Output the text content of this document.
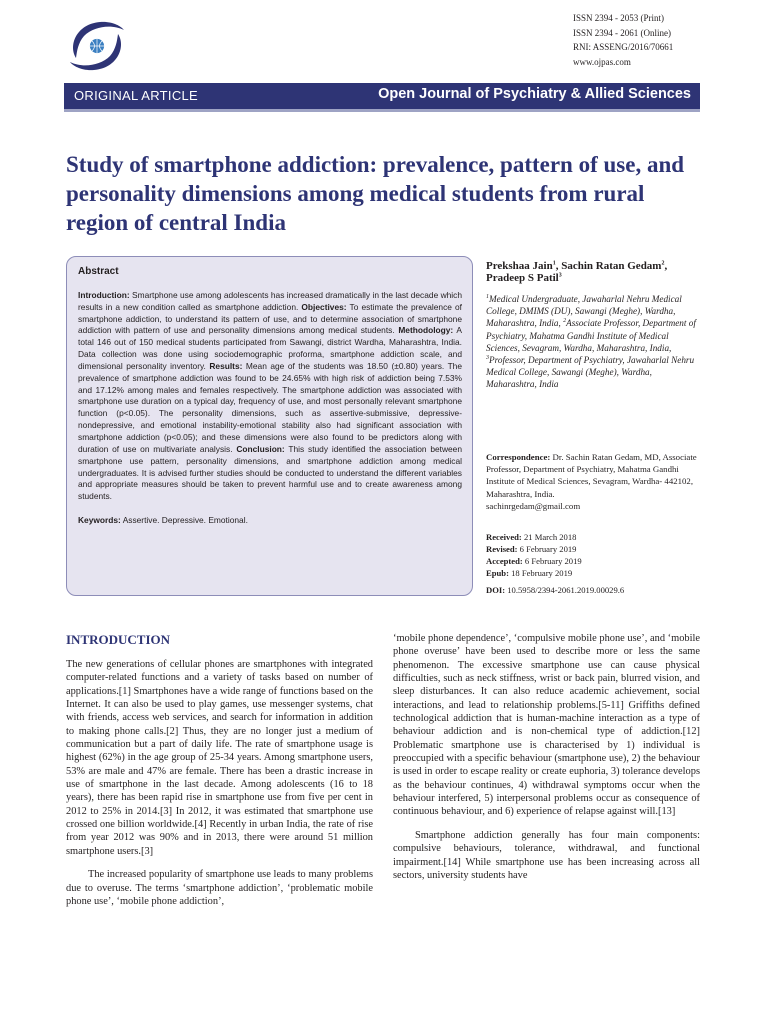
ISSN 2394 - 2053 (Print)
ISSN 2394 - 2061 (Online)
RNI: ASSENG/2016/70661
www.ojpas.com
ORIGINAL ARTICLE	Open Journal of Psychiatry & Allied Sciences
Study of smartphone addiction: prevalence, pattern of use, and personality dimensions among medical students from rural region of central India
Abstract
Introduction: Smartphone use among adolescents has increased dramatically in the last decade which results in a new condition called as smartphone addiction. Objectives: To estimate the prevalence of smartphone addiction, to understand its pattern of use, and to determine association of smartphone addiction with pattern of use and personality dimensions among medical students. Methodology: A total 146 out of 150 medical students participated from Sawangi, district Wardha, Maharashtra, India. Data collection was done using sociodemographic proforma, smartphone addiction scale, and dimensional personality inventory. Results: Mean age of the students was 18.50 (±0.80) years. The prevalence of smartphone addiction was found to be 24.65% with high risk of addiction being 7.53% and 17.12% among males and females respectively. The smartphone addiction was associated with smartphone use duration on a typical day, frequency of use, and most personally relevant smartphone function (p<0.05). The personality dimensions, such as assertive-submissive, depressive-nondepressive, and emotional instability-emotional stability also had significant association with smartphone addiction (p<0.05); and these dimensions were also found to be predictors along with duration of use on multivariate analysis. Conclusion: This study identified the association between smartphone use pattern, personality dimensions, and smartphone addiction among medical undergraduates. It is advised further studies should be conducted to understand the different variables and appropriate measures should be taken to prevent harmful use and to create awareness among students.
Keywords: Assertive. Depressive. Emotional.
Prekshaa Jain$^1$, Sachin Ratan Gedam$^2$,
Pradeep S Patil$^3$
$^1$Medical Undergraduate, Jawaharlal Nehru Medical College, DMIMS (DU), Sawangi (Meghe), Wardha, Maharashtra, India, $^2$Associate Professor, Department of Psychiatry, Mahatma Gandhi Institute of Medical Sciences, Sevagram, Wardha, Maharashtra, India, $^3$Professor, Department of Psychiatry, Jawaharlal Nehru Medical College, Sawangi (Meghe), Wardha, Maharashtra, India
Correspondence: Dr. Sachin Ratan Gedam, MD, Associate Professor, Department of Psychiatry, Mahatma Gandhi Institute of Medical Sciences, Sevagram, Wardha- 442102, Maharashtra, India.
sachinrgedam@gmail.com
Received: 21 March 2018
Revised: 6 February 2019
Accepted: 6 February 2019
Epub: 18 February 2019
DOI: 10.5958/2394-2061.2019.00029.6
INTRODUCTION

The new generations of cellular phones are smartphones with integrated computer-related functions and a variety of tasks based on number of applications.[1] Smartphones have a wide range of functions based on the Internet. It can also be used to play games, use messenger systems, chat with friends, access web services, and search for information in addition to making phone calls.[2] Thus, they are no longer just a medium of communication but a part of daily life. The rate of smartphone usage is highest (62%) in the age group of 25-34 years. Among smartphone users, 53% are male and 47% are female. There has been a drastic increase in use of smartphone in the last decade. Among adolescents (16 to 18 years), there has been rapid rise in smartphone use from five per cent in 2012 to 25% in 2014.[3] In 2012, it was estimated that smartphone use crossed one billion worldwide.[4] Recently in urban India, the rate of rise from year 2012 was 90% and in 2013, there were around 51 million smartphone users.[3]

The increased popularity of smartphone use leads to many problems due to overuse. The terms ‘smartphone addiction’, ‘problematic mobile phone use’, ‘mobile phone addiction’,

‘mobile phone dependence’, ‘compulsive mobile phone use’, and ‘mobile phone overuse’ have been used to describe more or less the same phenomenon. The excessive smartphone use can cause physical difficulties, such as neck stiffness, wrist or back pain, blurred vision, and sleep disturbances. It can also reduce academic achievement, social interactions, and lead to relationship problems.[5-11] Griffiths defined technological addiction that is human-machine interaction as a type of behaviour addiction and is non-chemical type of addiction.[12] Problematic smartphone use is characterised by 1) individual is preoccupied with a specific behaviour (smartphone use), 2) the behaviour is used in order to escape reality or create euphoria, 3) tolerance develops as the behaviour continues, 4) withdrawal symptoms occur when the behaviour interfered, 5) interpersonal problems occur as consequence of continuous behaviour, and 6) experience of relapse against will.[13]

Smartphone addiction generally has four main components: compulsive behaviours, tolerance, withdrawal, and functional impairment.[14] While smartphone use has been increasing across all sectors, university students have
